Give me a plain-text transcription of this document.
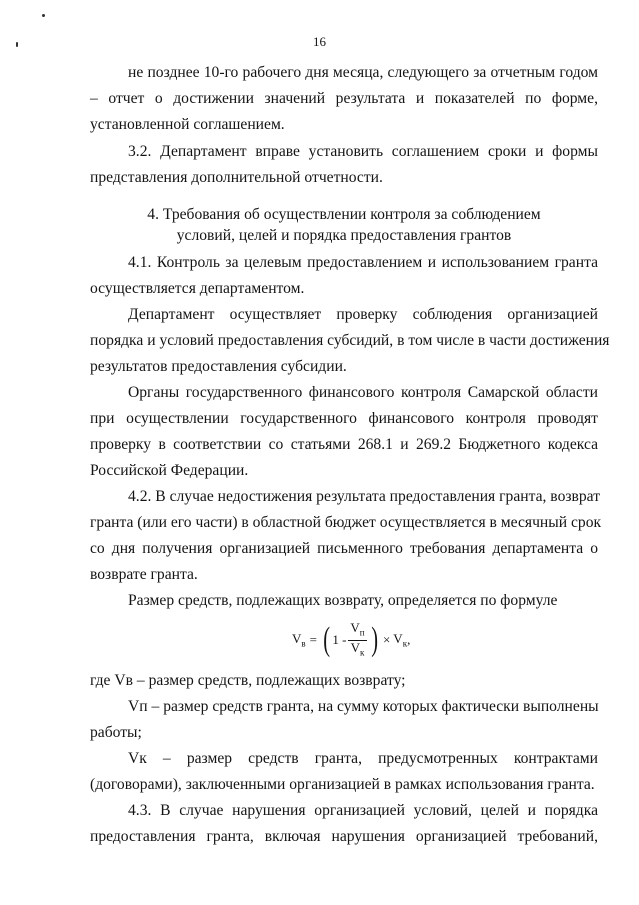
16

не позднее 10-го рабочего дня месяца, следующего за отчетным годом
– отчет о достижении значений результата и показателей по форме,
установленной соглашением.

3.2. Департамент вправе установить соглашением сроки и формы
представления дополнительной отчетности.

4. Требования об осуществлении контроля за соблюдением
условий, целей и порядка предоставления грантов

4.1. Контроль за целевым предоставлением и использованием гранта
осуществляется департаментом.

Департамент осуществляет проверку соблюдения организацией
порядка и условий предоставления субсидий, в том числе в части достижения
результатов предоставления субсидии.

Органы государственного финансового контроля Самарской области
при осуществлении государственного финансового контроля проводят
проверку в соответствии со статьями 268.1 и 269.2 Бюджетного кодекса
Российской Федерации.

4.2. В случае недостижения результата предоставления гранта, возврат
гранта (или его части) в областной бюджет осуществляется в месячный срок
со дня получения организацией письменного требования департамента о
возврате гранта.

Размер средств, подлежащих возврату, определяется по формуле

$V_в$ = ( $1 - \frac{V_п}{V_к}$ ) × $V_к$ ,

где Vв – размер средств, подлежащих возврату;

Vп – размер средств гранта, на сумму которых фактически выполнены
работы;

Vк – размер средств гранта, предусмотренных контрактами
(договорами), заключенными организацией в рамках использования гранта.

4.3. В случае нарушения организацией условий, целей и порядка
предоставления гранта, включая нарушения организацией требований,
